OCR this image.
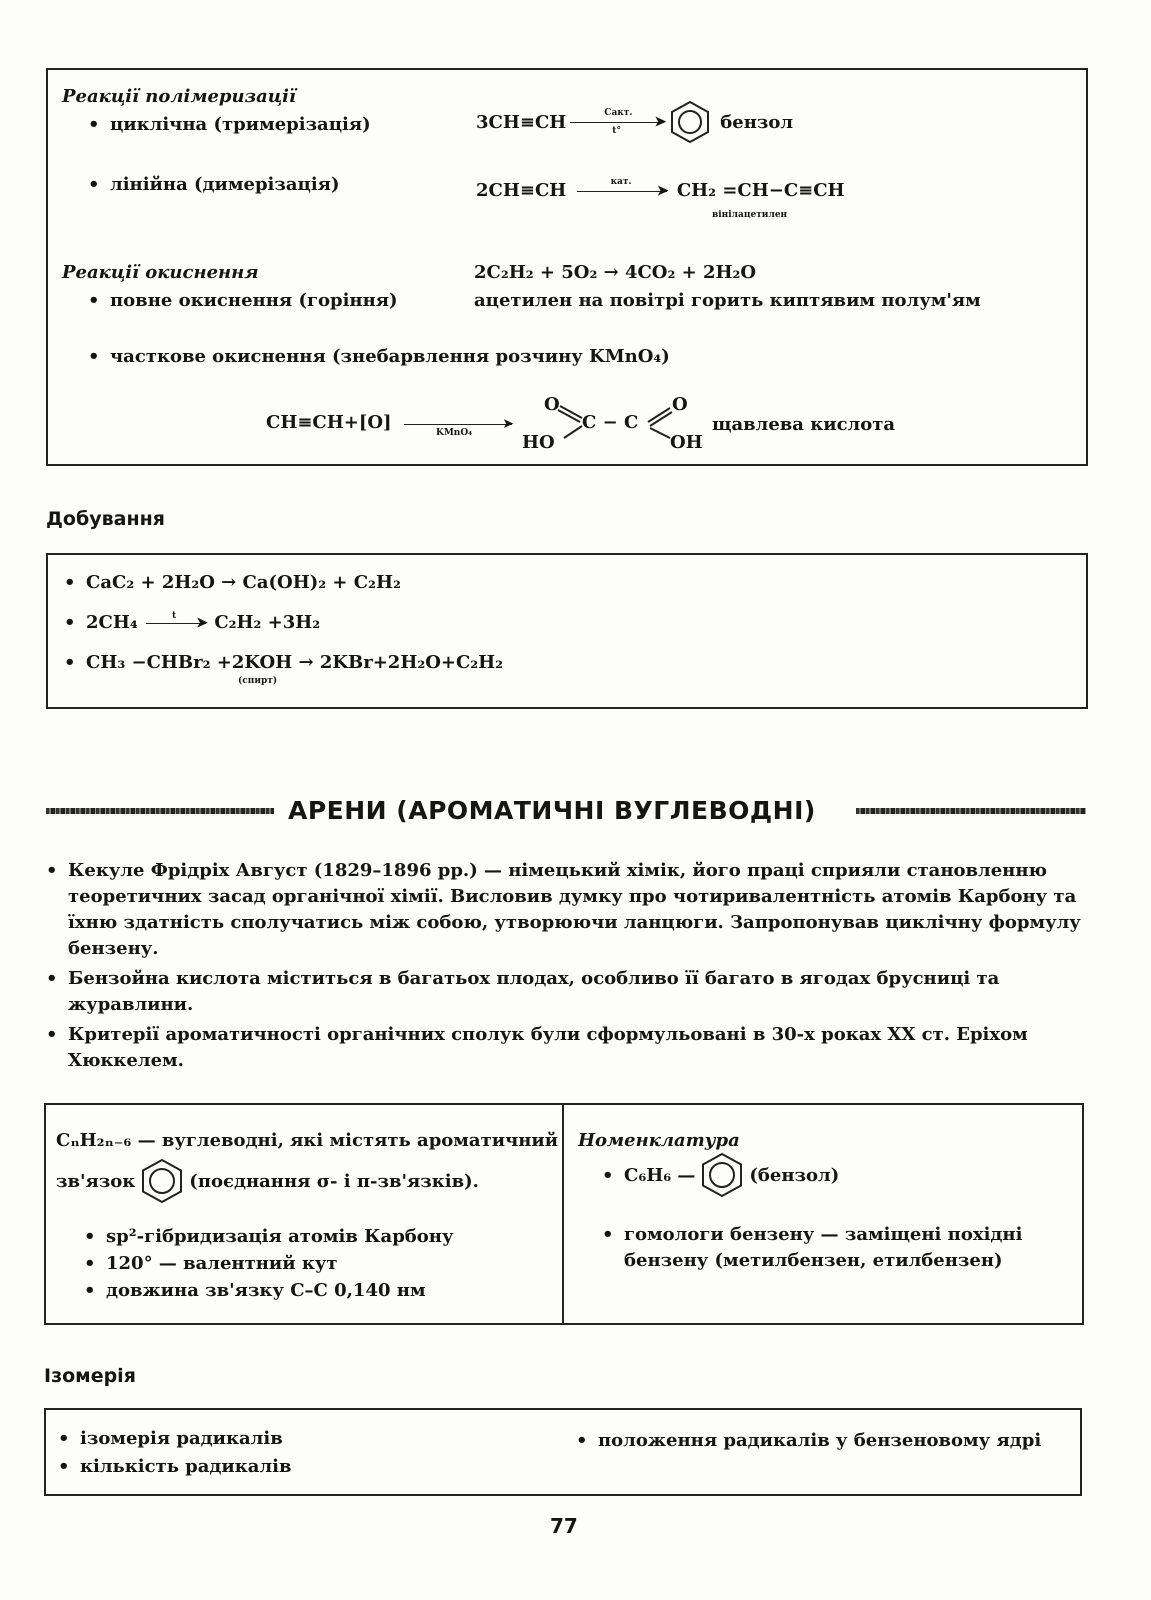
Реакції полімеризації
• циклічна (тримерізація)	3CH≡CH	Cакт.
➤
t°	бензол
• лінійна (димерізація)	2CH≡CH	кат.
➤ CH₂ =CH−C≡CH
вінілацетилен
Реакції окиснення	2C₂H₂ + 5O₂ → 4CO₂ + 2H₂O
• повне окиснення (горіння)	ацетилен на повітрі горить киптявим полум'ям
• часткове окиснення (знебарвлення розчину KMnO₄)
CH≡CH+[O]	➤
KMnO₄
O
HO
C − C
O
OH
щавлева кислота
Добування
• CaC₂ + 2H₂O → Ca(OH)₂ + C₂H₂
• 2CH₄	t ➤ C₂H₂ +3H₂
• CH₃ −CHBr₂ +2KOH → 2KBr+2H₂O+C₂H₂
(спирт)
АРЕНИ (АРОМАТИЧНІ ВУГЛЕВОДНІ)
• Кекуле Фрідріх Август (1829–1896 рр.) — німецький хімік, його праці сприяли становленню теоретичних засад органічної хімії. Висловив думку про чотиривалентність атомів Карбону та їхню здатність сполучатись між собою, утворюючи ланцюги. Запропонував циклічну формулу бензену.
• Бензойна кислота міститься в багатьох плодах, особливо її багато в ягодах брусниці та журавлини.
• Критерії ароматичності органічних сполук були сформульовані в 30-х роках XX ст. Еріхом Хюккелем.
CₙH₂ₙ₋₆ — вуглеводні, які містять ароматичний
зв'язок	(поєднання σ- і π-зв'язків).
• sp²-гібридизація атомів Карбону
• 120° — валентний кут
• довжина зв'язку C–C 0,140 нм
Номенклатура
• C₆H₆ —	(бензол)
• гомологи бензену — заміщені похідні бензену (метилбензен, етилбензен)
Ізомерія
• ізомерія радикалів
• кількість радикалів
• положення радикалів у бензеновому ядрі
77
